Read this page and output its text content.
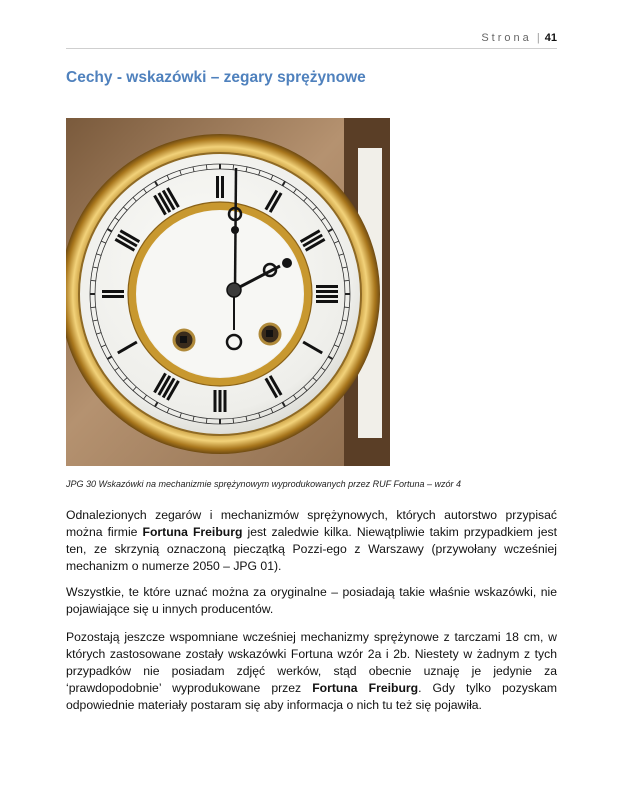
Strona | 41
Cechy - wskazówki – zegary sprężynowe
JPG 30 Wskazówki na mechanizmie sprężynowym wyprodukowanych przez RUF Fortuna – wzór 4
Odnalezionych zegarów i mechanizmów sprężynowych, których autorstwo przypisać można firmie Fortuna Freiburg jest zaledwie kilka. Niewątpliwie takim przypadkiem jest ten, ze skrzynią oznaczoną pieczątką Pozzi-ego z Warszawy (przywołany wcześniej mechanizm o numerze 2050 – JPG 01).
Wszystkie, te które uznać można za oryginalne – posiadają takie właśnie wskazówki, nie pojawiające się u innych producentów.
Pozostają jeszcze wspomniane wcześniej mechanizmy sprężynowe z tarczami 18 cm, w których zastosowane zostały wskazówki Fortuna wzór 2a i 2b. Niestety w żadnym z tych przypadków nie posiadam zdjęć werków, stąd obecnie uznaję je jedynie za ‘prawdopodobnie’ wyprodukowane przez Fortuna Freiburg. Gdy tylko pozyskam odpowiednie materiały postaram się aby informacja o nich tu też się pojawiła.
